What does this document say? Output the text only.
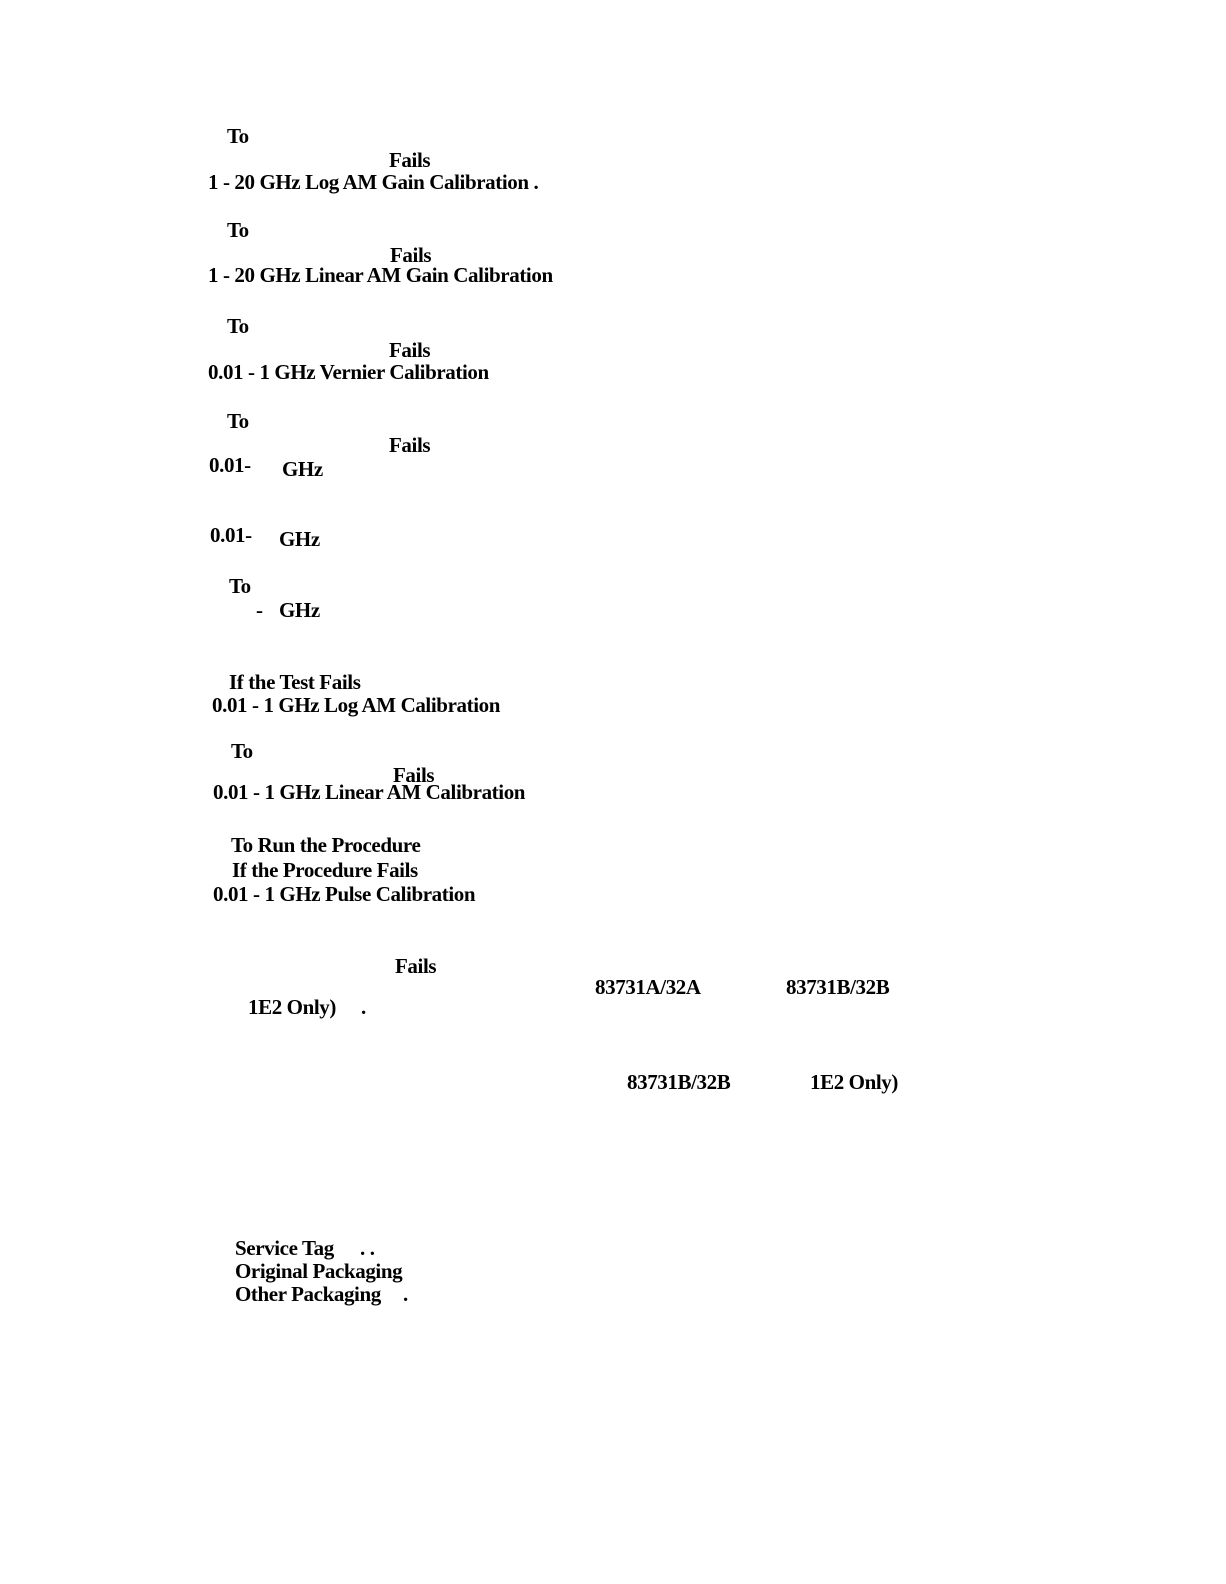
To
Fails
1 - 20 GHz Log AM Gain Calibration .
To
Fails
1 - 20 GHz Linear AM Gain Calibration
To
Fails
0.01 - 1 GHz Vernier Calibration
To
Fails
0.01- GHz
0.01- GHz
To
- GHz
If the Test Fails
0.01 - 1 GHz Log AM Calibration
To
Fails
0.01 - 1 GHz Linear AM Calibration
To Run the Procedure
If the Procedure Fails
0.01 - 1 GHz Pulse Calibration
Fails
83731A/32A	83731B/32B
1E2 Only) .
83731B/32B	1E2 Only)
Service Tag . .
Original Packaging
Other Packaging .
